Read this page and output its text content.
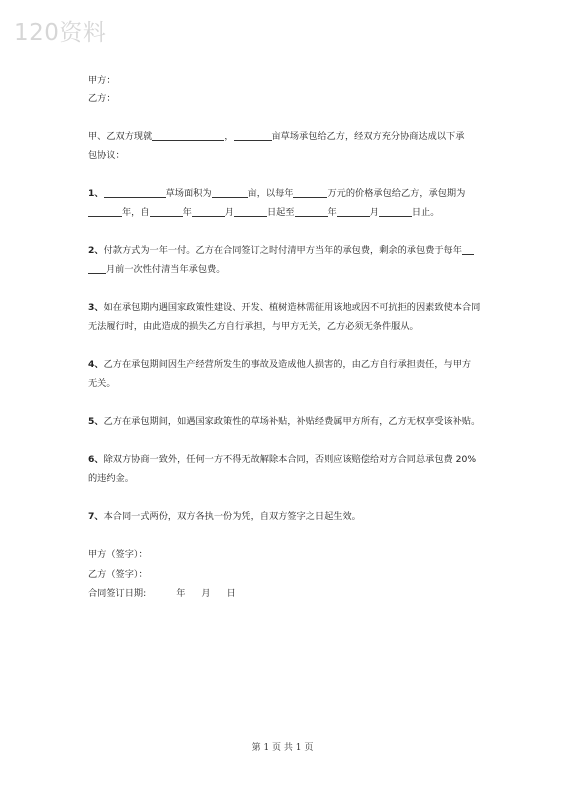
120资料
甲方：
乙方：
甲、乙双方现就	，	亩草场承包给乙方，经双方充分协商达成以下承
包协议：
1、	草场面积为	亩，以每年	万元的价格承包给乙方，承包期为
年，自	年	月	日起至	年	月	日止。
2、付款方式为一年一付。乙方在合同签订之时付清甲方当年的承包费，剩余的承包费于每年
月前一次性付清当年承包费。
3、如在承包期内遇国家政策性建设、开发、植树造林需征用该地或因不可抗拒的因素致使本合同
无法履行时，由此造成的损失乙方自行承担，与甲方无关，乙方必须无条件服从。
4、乙方在承包期间因生产经营所发生的事故及造成他人损害的，由乙方自行承担责任，与甲方
无关。
5、乙方在承包期间，如遇国家政策性的草场补贴，补贴经费属甲方所有，乙方无权享受该补贴。
6、除双方协商一致外，任何一方不得无故解除本合同，否则应该赔偿给对方合同总承包费 20%
的违约金。
7、本合同一式两份，双方各执一份为凭，自双方签字之日起生效。
甲方（签字）：
乙方（签字）：
合同签订日期:	年 月 日
第 1 页 共 1 页
